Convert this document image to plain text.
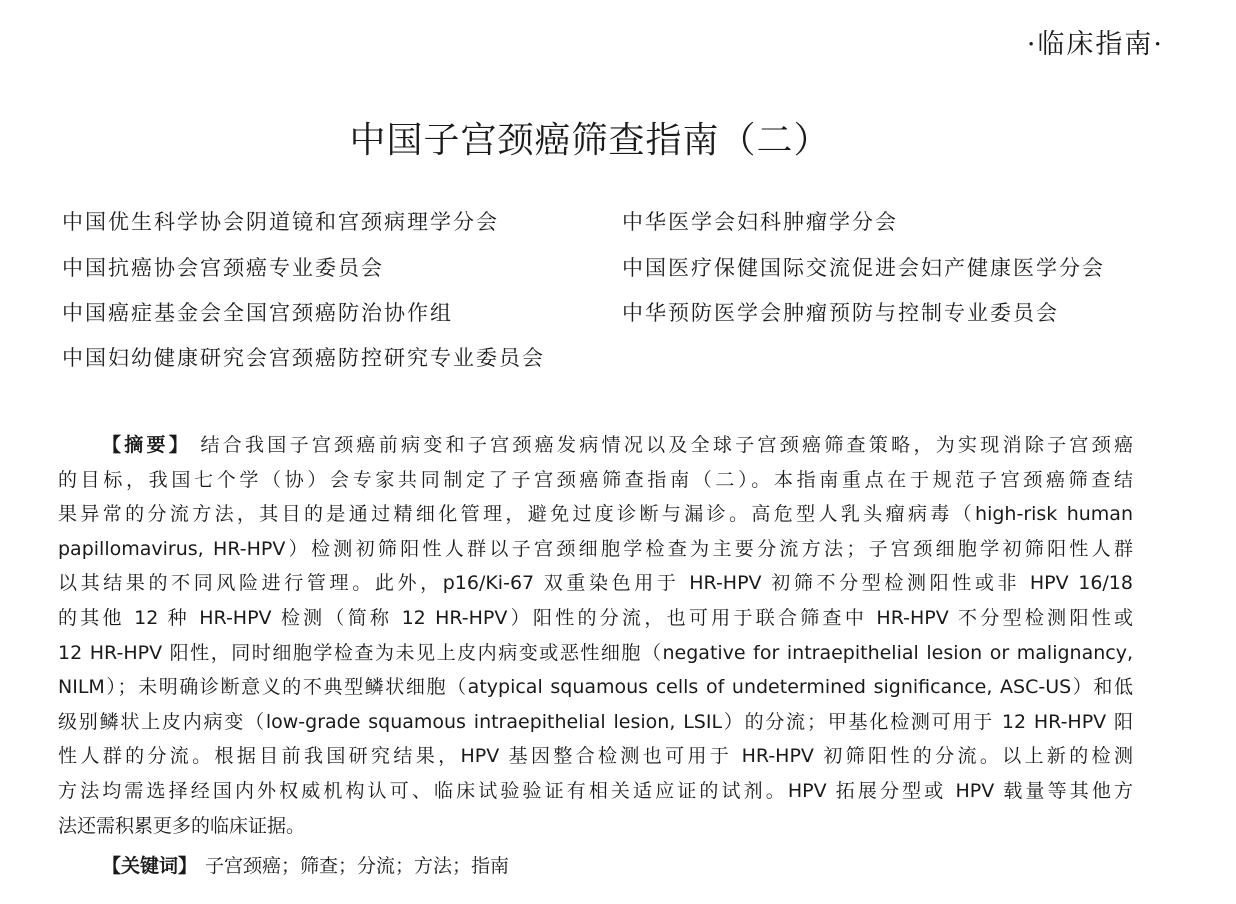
·临床指南·
中国子宫颈癌筛查指南（二）
中国优生科学协会阴道镜和宫颈病理学分会
中国抗癌协会宫颈癌专业委员会
中国癌症基金会全国宫颈癌防治协作组
中国妇幼健康研究会宫颈癌防控研究专业委员会
中华医学会妇科肿瘤学分会
中国医疗保健国际交流促进会妇产健康医学分会
中华预防医学会肿瘤预防与控制专业委员会
【摘要】 结合我国子宫颈癌前病变和子宫颈癌发病情况以及全球子宫颈癌筛查策略，为实现消除子宫颈癌
的目标，我国七个学（协）会专家共同制定了子宫颈癌筛查指南（二）。本指南重点在于规范子宫颈癌筛查结
果异常的分流方法，其目的是通过精细化管理，避免过度诊断与漏诊。高危型人乳头瘤病毒（high-risk human
papillomavirus, HR-HPV）检测初筛阳性人群以子宫颈细胞学检查为主要分流方法；子宫颈细胞学初筛阳性人群
以其结果的不同风险进行管理。此外，p16/Ki-67 双重染色用于 HR-HPV 初筛不分型检测阳性或非 HPV 16/18
的其他 12 种 HR-HPV 检测（简称 12 HR-HPV）阳性的分流，也可用于联合筛查中 HR-HPV 不分型检测阳性或
12 HR-HPV 阳性，同时细胞学检查为未见上皮内病变或恶性细胞（negative for intraepithelial lesion or malignancy,
NILM）；未明确诊断意义的不典型鳞状细胞（atypical squamous cells of undetermined significance, ASC-US）和低
级别鳞状上皮内病变（low-grade squamous intraepithelial lesion, LSIL）的分流；甲基化检测可用于 12 HR-HPV 阳
性人群的分流。根据目前我国研究结果，HPV 基因整合检测也可用于 HR-HPV 初筛阳性的分流。以上新的检测
方法均需选择经国内外权威机构认可、临床试验验证有相关适应证的试剂。HPV 拓展分型或 HPV 载量等其他方
法还需积累更多的临床证据。
【关键词】 子宫颈癌；筛查；分流；方法；指南
